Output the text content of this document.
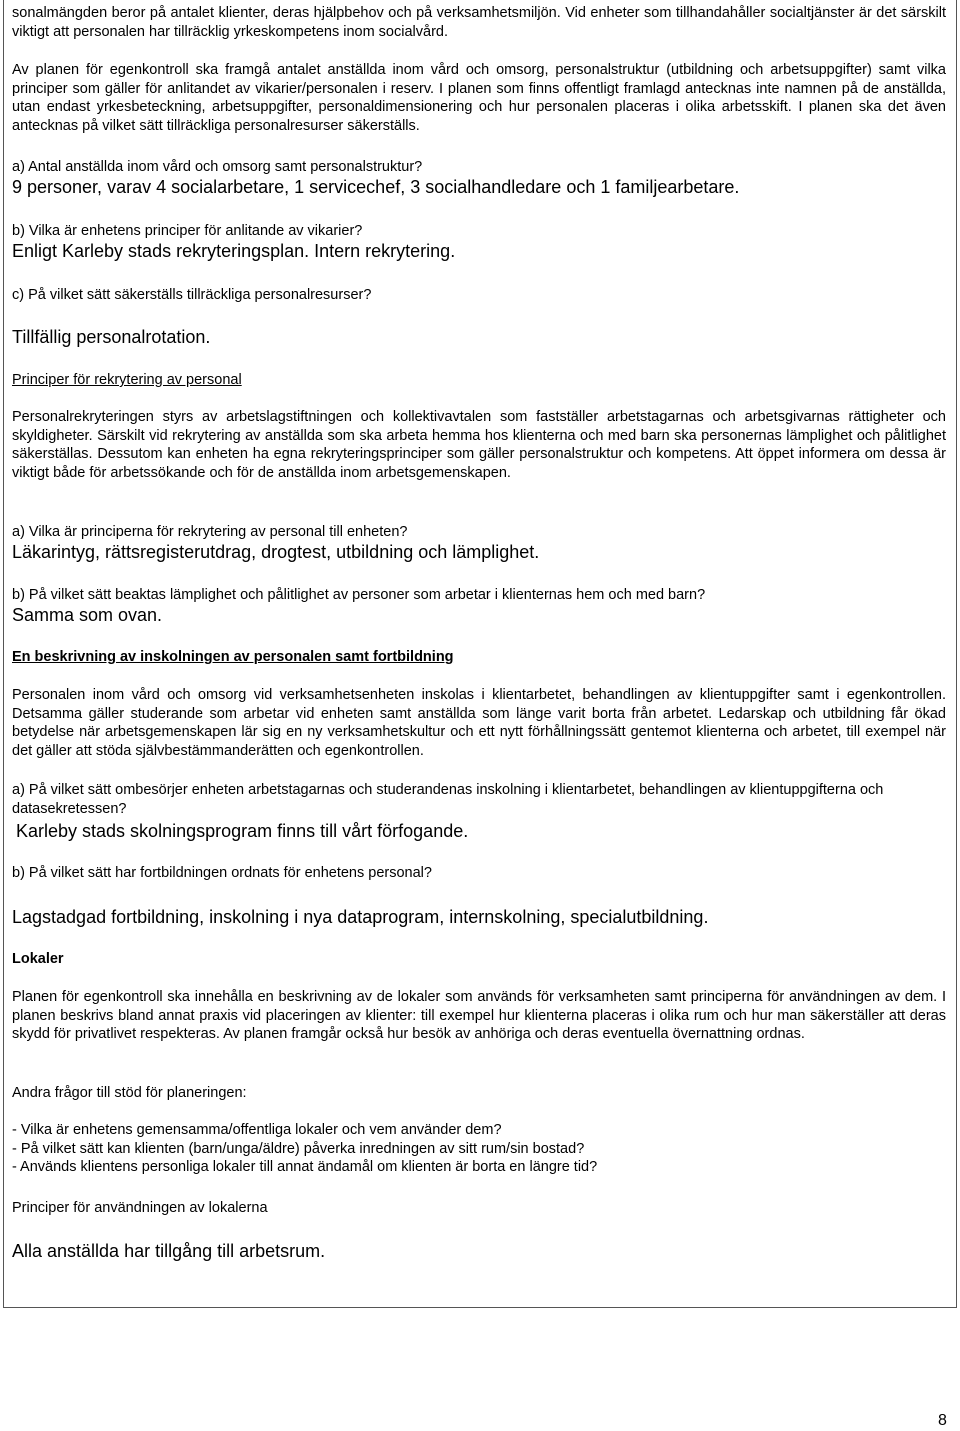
sonalmängden beror på antalet klienter, deras hjälpbehov och på verksamhetsmiljön. Vid enheter som tillhandahåller socialtjänster är det särskilt viktigt att personalen har tillräcklig yrkeskompetens inom socialvård.

Av planen för egenkontroll ska framgå antalet anställda inom vård och omsorg, personalstruktur (utbildning och arbetsuppgifter) samt vilka principer som gäller för anlitandet av vikarier/personalen i reserv. I planen som finns offentligt framlagd antecknas inte namnen på de anställda, utan endast yrkesbeteckning, arbetsuppgifter, personaldimensionering och hur personalen placeras i olika arbetsskift. I planen ska det även antecknas på vilket sätt tillräckliga personalresurser säkerställs.

a) Antal anställda inom vård och omsorg samt personalstruktur?

9 personer, varav 4 socialarbetare, 1 servicechef, 3 socialhandledare och 1 familjearbetare.

b) Vilka är enhetens principer för anlitande av vikarier?

Enligt Karleby stads rekryteringsplan. Intern rekrytering.

c) På vilket sätt säkerställs tillräckliga personalresurser?

Tillfällig personalrotation.

Principer för rekrytering av personal

Personalrekryteringen styrs av arbetslagstiftningen och kollektivavtalen som fastställer arbetstagarnas och arbetsgivarnas rättigheter och skyldigheter. Särskilt vid rekrytering av anställda som ska arbeta hemma hos klienterna och med barn ska personernas lämplighet och pålitlighet säkerställas. Dessutom kan enheten ha egna rekryteringsprinciper som gäller personalstruktur och kompetens. Att öppet informera om dessa är viktigt både för arbetssökande och för de anställda inom arbetsgemenskapen.

a) Vilka är principerna för rekrytering av personal till enheten?

Läkarintyg, rättsregisterutdrag, drogtest, utbildning och lämplighet.

b) På vilket sätt beaktas lämplighet och pålitlighet av personer som arbetar i klienternas hem och med barn?

Samma som ovan.

En beskrivning av inskolningen av personalen samt fortbildning

Personalen inom vård och omsorg vid verksamhetsenheten inskolas i klientarbetet, behandlingen av klientuppgifter samt i egenkontrollen. Detsamma gäller studerande som arbetar vid enheten samt anställda som länge varit borta från arbetet. Ledarskap och utbildning får ökad betydelse när arbetsgemenskapen lär sig en ny verksamhetskultur och ett nytt förhållningssätt gentemot klienterna och arbetet, till exempel när det gäller att stöda självbestämmanderätten och egenkontrollen.

a) På vilket sätt ombesörjer enheten arbetstagarnas och studerandenas inskolning i klientarbetet, behandlingen av klientuppgifterna och datasekretessen?

Karleby stads skolningsprogram finns till vårt förfogande.

b) På vilket sätt har fortbildningen ordnats för enhetens personal?

Lagstadgad fortbildning, inskolning i nya dataprogram, internskolning, specialutbildning.

Lokaler

Planen för egenkontroll ska innehålla en beskrivning av de lokaler som används för verksamheten samt principerna för användningen av dem. I planen beskrivs bland annat praxis vid placeringen av klienter: till exempel hur klienterna placeras i olika rum och hur man säkerställer att deras skydd för privatlivet respekteras. Av planen framgår också hur besök av anhöriga och deras eventuella övernattning ordnas.

Andra frågor till stöd för planeringen:

- Vilka är enhetens gemensamma/offentliga lokaler och vem använder dem?
- På vilket sätt kan klienten (barn/unga/äldre) påverka inredningen av sitt rum/sin bostad?
- Används klientens personliga lokaler till annat ändamål om klienten är borta en längre tid?

Principer för användningen av lokalerna

Alla anställda har tillgång till arbetsrum.

8
